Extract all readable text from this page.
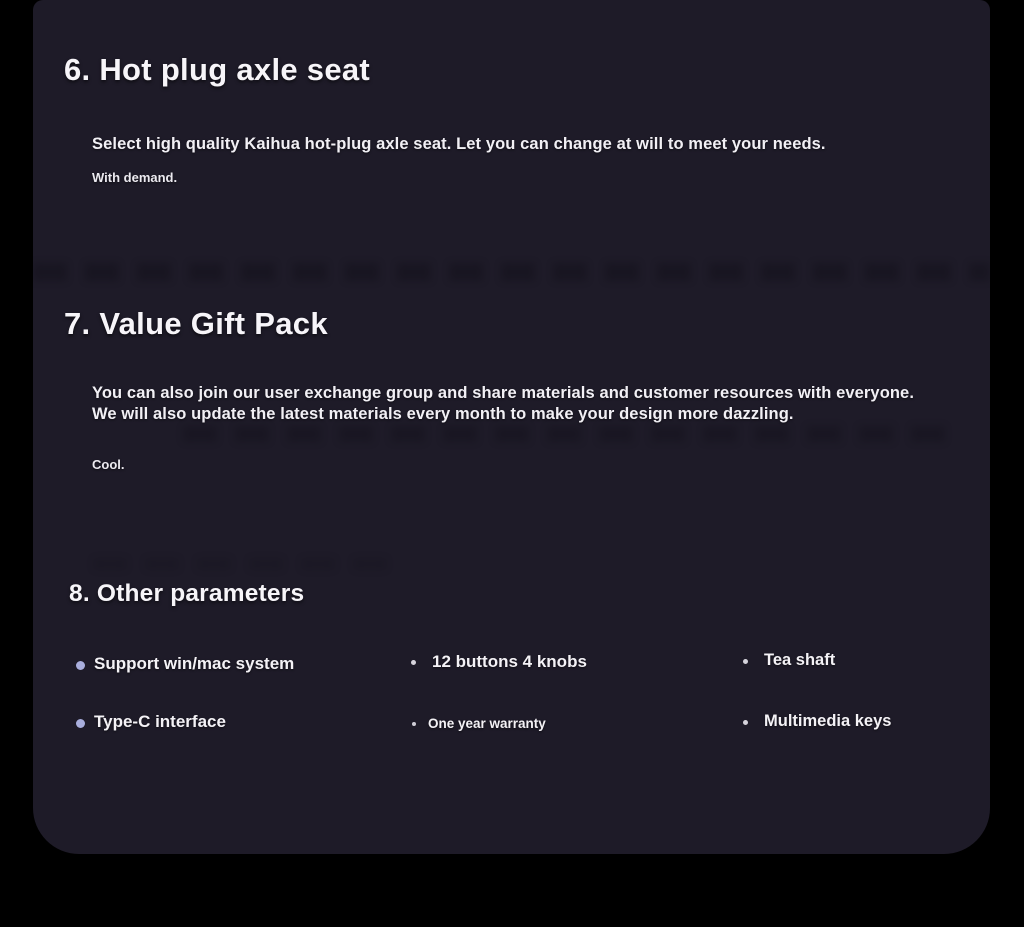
6. Hot plug axle seat
Select high quality Kaihua hot-plug axle seat. Let you can change at will to meet your needs.
With demand.
7. Value Gift Pack
You can also join our user exchange group and share materials and customer resources with everyone. We will also update the latest materials every month to make your design more dazzling.
Cool.
8. Other parameters
Support win/mac system
Type-C interface
12 buttons 4 knobs
One year warranty
Tea shaft
Multimedia keys
